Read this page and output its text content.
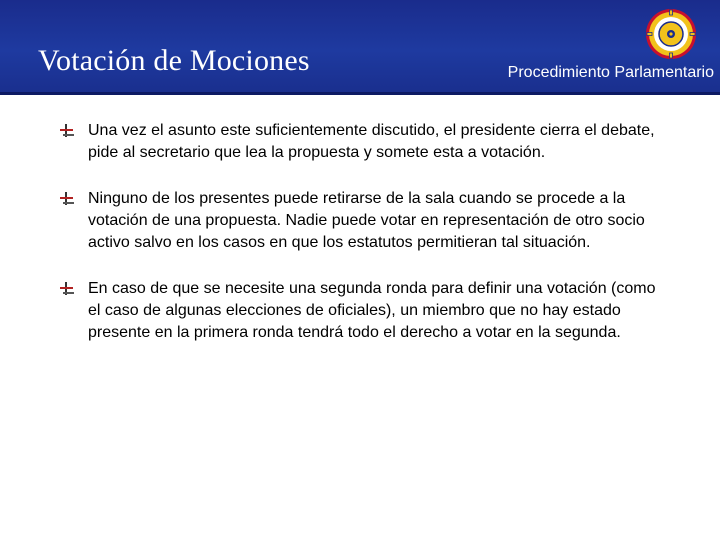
Votación de Mociones	Procedimiento Parlamentario
Una vez el asunto este suficientemente discutido, el presidente cierra el debate, pide al secretario que lea la propuesta y somete esta a votación.
Ninguno de los presentes puede retirarse de la sala cuando se procede a la votación de una propuesta. Nadie puede votar en representación de otro socio activo salvo en los casos en que los estatutos permitieran tal situación.
En caso de que se necesite una segunda ronda para definir una votación (como el caso de algunas elecciones de oficiales), un miembro que no hay estado presente en la primera ronda tendrá todo el derecho a votar en la segunda.
